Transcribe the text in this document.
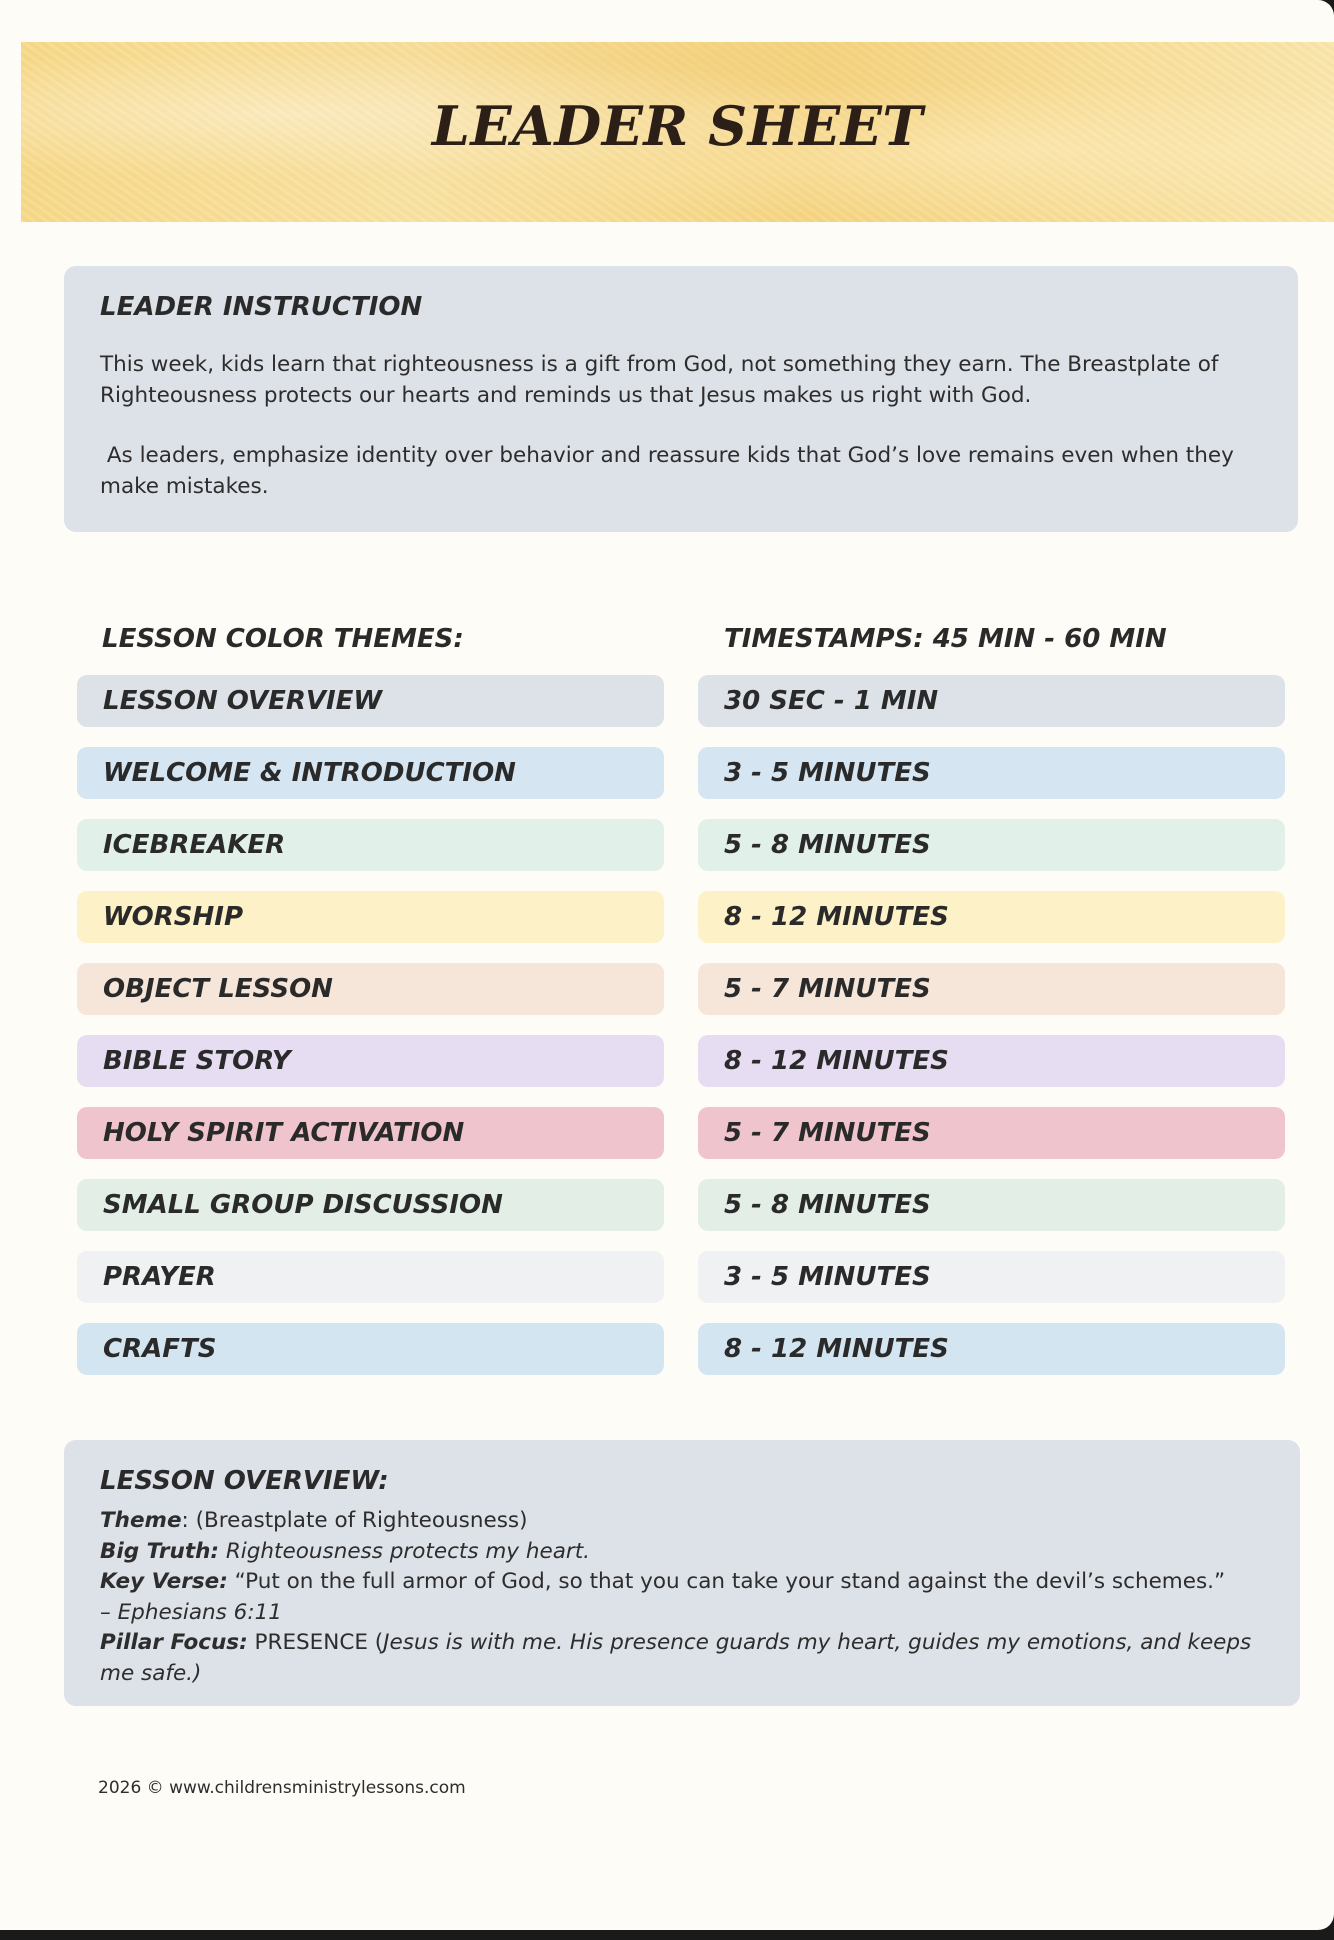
LEADER SHEET
LEADER INSTRUCTION
This week, kids learn that righteousness is a gift from God, not something they earn. The Breastplate of Righteousness protects our hearts and reminds us that Jesus makes us right with God.
As leaders, emphasize identity over behavior and reassure kids that God’s love remains even when they make mistakes.
LESSON COLOR THEMES:	TIMESTAMPS: 45 MIN - 60 MIN
LESSON OVERVIEW	30 SEC - 1 MIN
WELCOME & INTRODUCTION	3 - 5 MINUTES
ICEBREAKER	5 - 8 MINUTES
WORSHIP	8 - 12 MINUTES
OBJECT LESSON	5 - 7 MINUTES
BIBLE STORY	8 - 12 MINUTES
HOLY SPIRIT ACTIVATION	5 - 7 MINUTES
SMALL GROUP DISCUSSION	5 - 8 MINUTES
PRAYER	3 - 5 MINUTES
CRAFTS	8 - 12 MINUTES
LESSON OVERVIEW:
Theme: (Breastplate of Righteousness)
Big Truth: Righteousness protects my heart.
Key Verse: “Put on the full armor of God, so that you can take your stand against the devil’s schemes.”
– Ephesians 6:11
Pillar Focus: PRESENCE (Jesus is with me. His presence guards my heart, guides my emotions, and keeps me safe.)
2026 © www.childrensministrylessons.com
